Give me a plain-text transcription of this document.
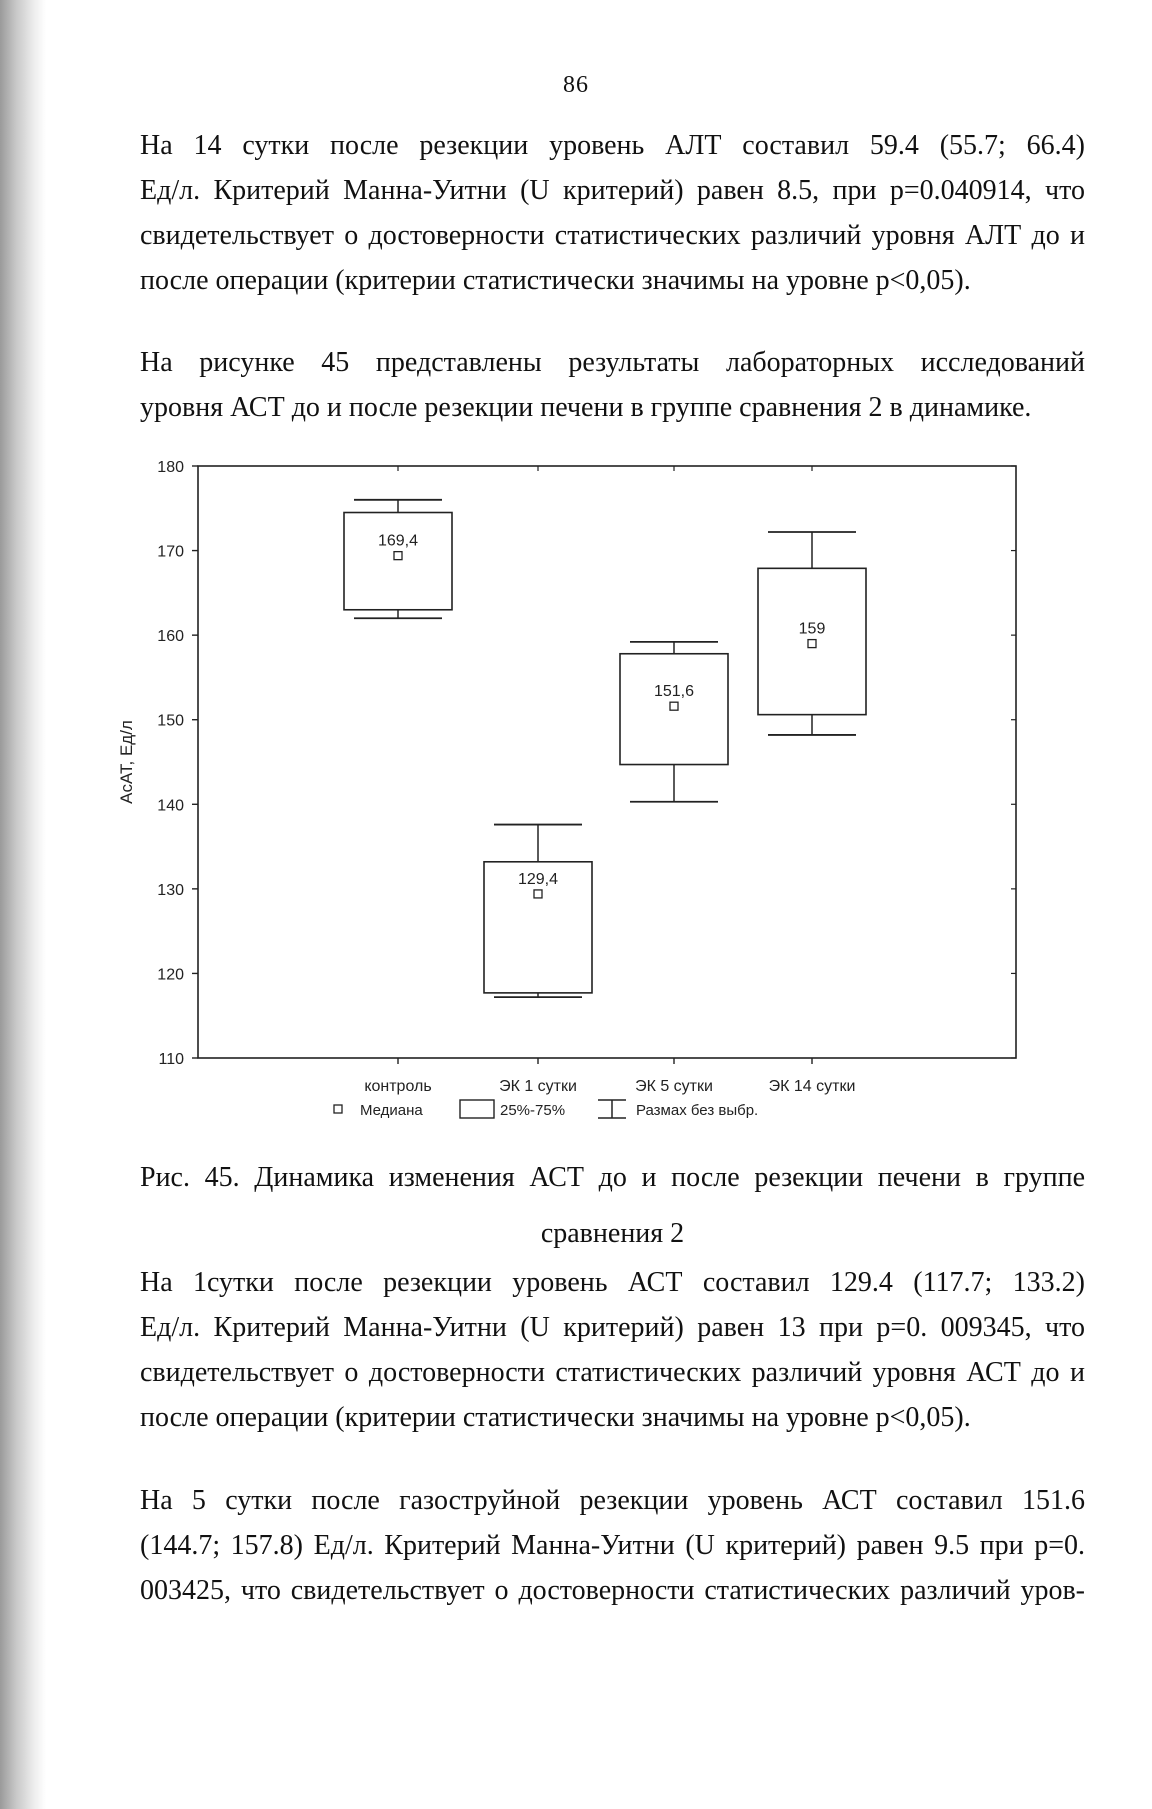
86

На 14 сутки после резекции уровень АЛТ составил 59.4 (55.7; 66.4)
Ед/л. Критерий Манна-Уитни (U критерий) равен 8.5, при p=0.040914, что
свидетельствует о достоверности статистических различий уровня АЛТ до и
после операции (критерии статистически значимы на уровне p<0,05).

На рисунке 45 представлены результаты лабораторных исследований
уровня АСТ до и после резекции печени в группе сравнения 2 в динамике.

110
120
130
140
150
160
170
180
АсАТ, Ед/л
контроль	ЭК 1 сутки	ЭК 5 сутки	ЭК 14 сутки
169,4
129,4
151,6
159
Медиана	25%-75%	Размах без выбр.
Рис. 45. Динамика изменения АСТ до и после резекции печени в группе
сравнения 2

На 1сутки после резекции уровень АСТ составил 129.4 (117.7; 133.2)
Ед/л. Критерий Манна-Уитни (U критерий) равен 13 при p=0. 009345, что
свидетельствует о достоверности статистических различий уровня АСТ до и
после операции (критерии статистически значимы на уровне p<0,05).

На 5 сутки после газоструйной резекции уровень АСТ составил 151.6
(144.7; 157.8) Ед/л. Критерий Манна-Уитни (U критерий) равен 9.5 при p=0.
003425, что свидетельствует о достоверности статистических различий уров-
